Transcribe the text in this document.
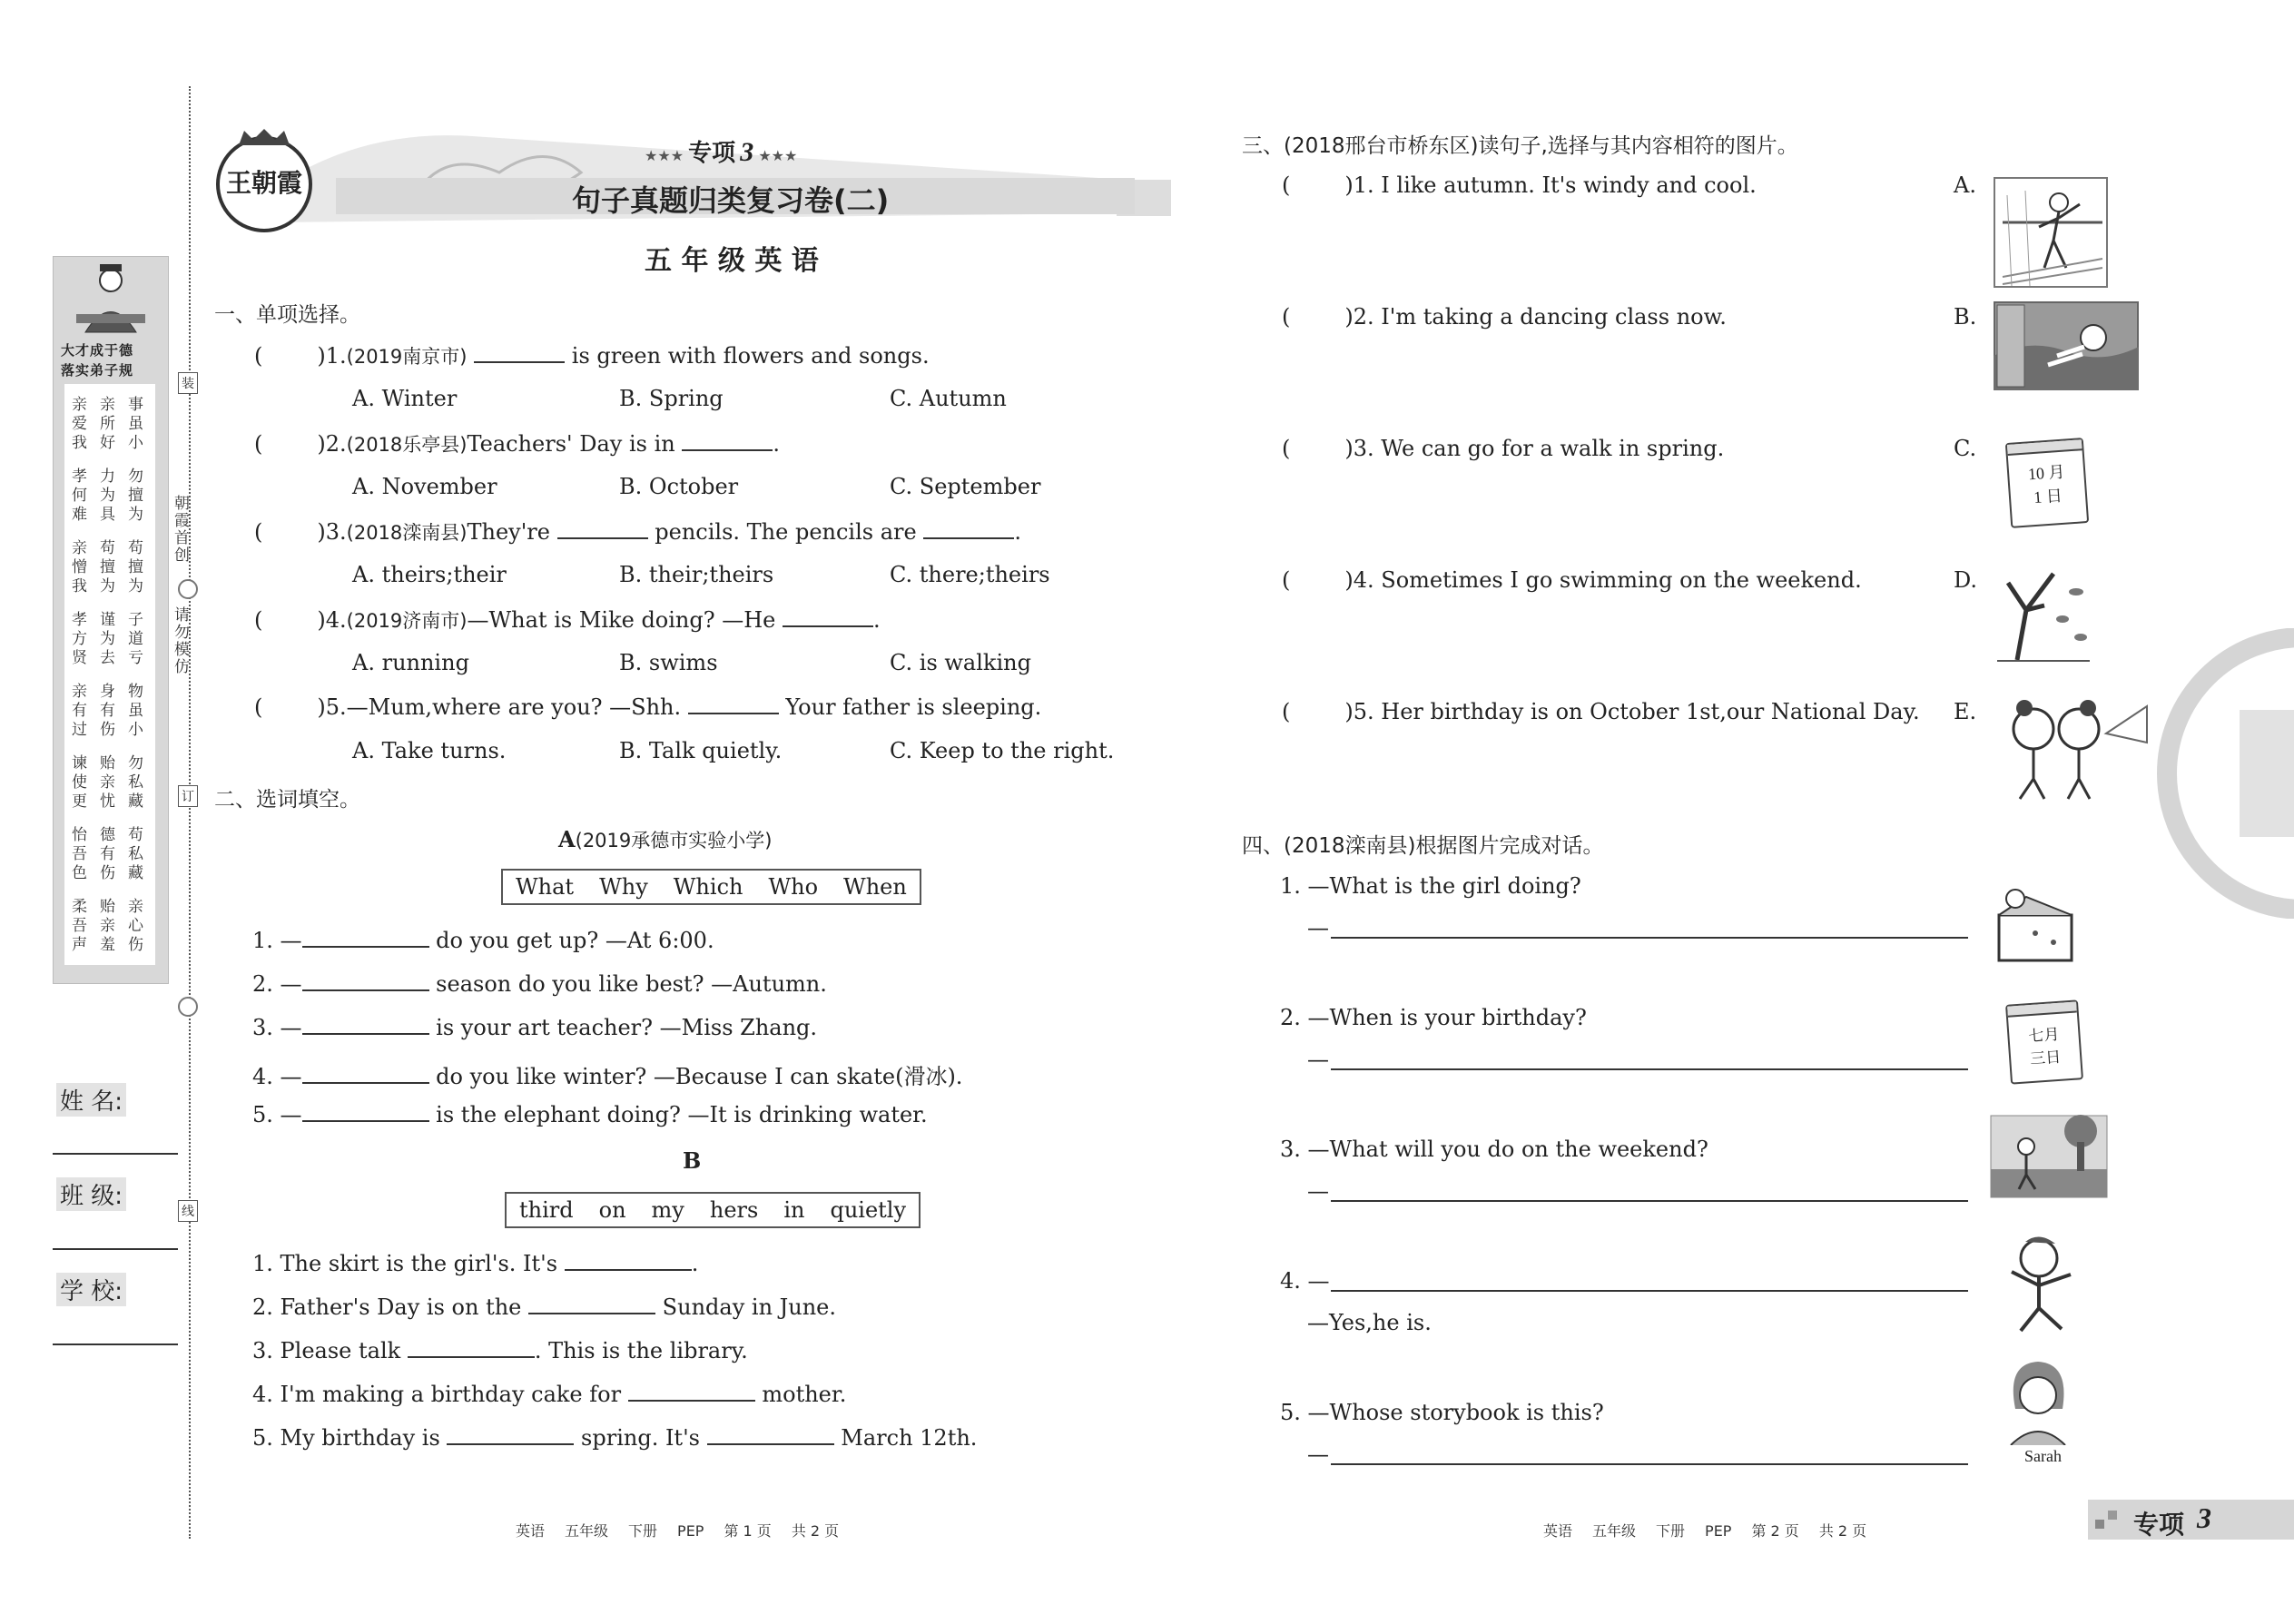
大才成于德
落实弟子规
亲 亲 事
爱 所 虽
我 好 小
孝 力 勿
何 为 擅
难 具 为
亲 苟 苟
憎 擅 擅
我 为 为
孝 谨 子
方 为 道
贤 去 亏
亲 身 物
有 有 虽
过 伤 小
谏 贻 勿
使 亲 私
更 忧 藏
怡 德 苟
吾 有 私
色 伤 藏
柔 贻 亲
吾 亲 心
声 羞 伤
朝霞首创
请勿模仿
装
订
线
姓 名:
班 级:
学 校:
王朝霞
★★★ 专项 3 ★★★
句子真题归类复习卷(二)
五 年 级 英 语
一、单项选择。
(	)1.(2019南京市)	is green with flowers and songs.
A. Winter	B. Spring	C. Autumn
(	)2.(2018乐亭县)Teachers' Day is in	.
A. November	B. October	C. September
(	)3.(2018滦南县)They're	pencils. The pencils are	.
A. theirs;their	B. their;theirs	C. there;theirs
(	)4.(2019济南市)—What is Mike doing? —He	.
A. running	B. swims	C. is walking
(	)5.—Mum,where are you? —Shh.	Your father is sleeping.
A. Take turns.	B. Talk quietly.	C. Keep to the right.
二、选词填空。
A(2019承德市实验小学)
What Why Which Who When
1. —	do you get up? —At 6:00.
2. —	season do you like best? —Autumn.
3. —	is your art teacher? —Miss Zhang.
4. —	do you like winter? —Because I can skate(滑冰).
5. —	is the elephant doing? —It is drinking water.
B
third on my hers in quietly
1. The skirt is the girl's. It's	.
2. Father's Day is on the	Sunday in June.
3. Please talk	. This is the library.
4. I'm making a birthday cake for	mother.
5. My birthday is	spring. It's	March 12th.
英语 五年级 下册 PEP 第 1 页 共 2 页	英语 五年级 下册 PEP 第 2 页 共 2 页	专项 3
三、(2018邢台市桥东区)读句子,选择与其内容相符的图片。
(	)1. I like autumn. It's windy and cool.
(	)2. I'm taking a dancing class now.
(	)3. We can go for a walk in spring.
(	)4. Sometimes I go swimming on the weekend.
(	)5. Her birthday is on October 1st,our National Day.
A.
B.
C.
D.
E.
10 月
1 日
四、(2018滦南县)根据图片完成对话。
1. —What is the girl doing?
—
2. —When is your birthday?
—
3. —What will you do on the weekend?
—
4. —
—Yes,he is.
5. —Whose storybook is this?
—
七月
三日
Sarah
